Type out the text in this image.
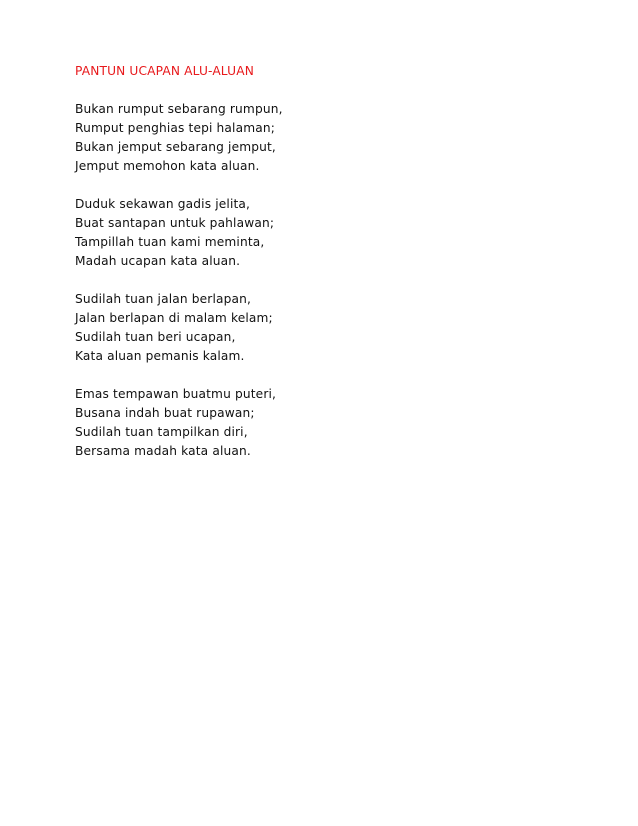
PANTUN UCAPAN ALU-ALUAN
Bukan rumput sebarang rumpun,
Rumput penghias tepi halaman;
Bukan jemput sebarang jemput,
Jemput memohon kata aluan.
Duduk sekawan gadis jelita,
Buat santapan untuk pahlawan;
Tampillah tuan kami meminta,
Madah ucapan kata aluan.
Sudilah tuan jalan berlapan,
Jalan berlapan di malam kelam;
Sudilah tuan beri ucapan,
Kata aluan pemanis kalam.
Emas tempawan buatmu puteri,
Busana indah buat rupawan;
Sudilah tuan tampilkan diri,
Bersama madah kata aluan.
